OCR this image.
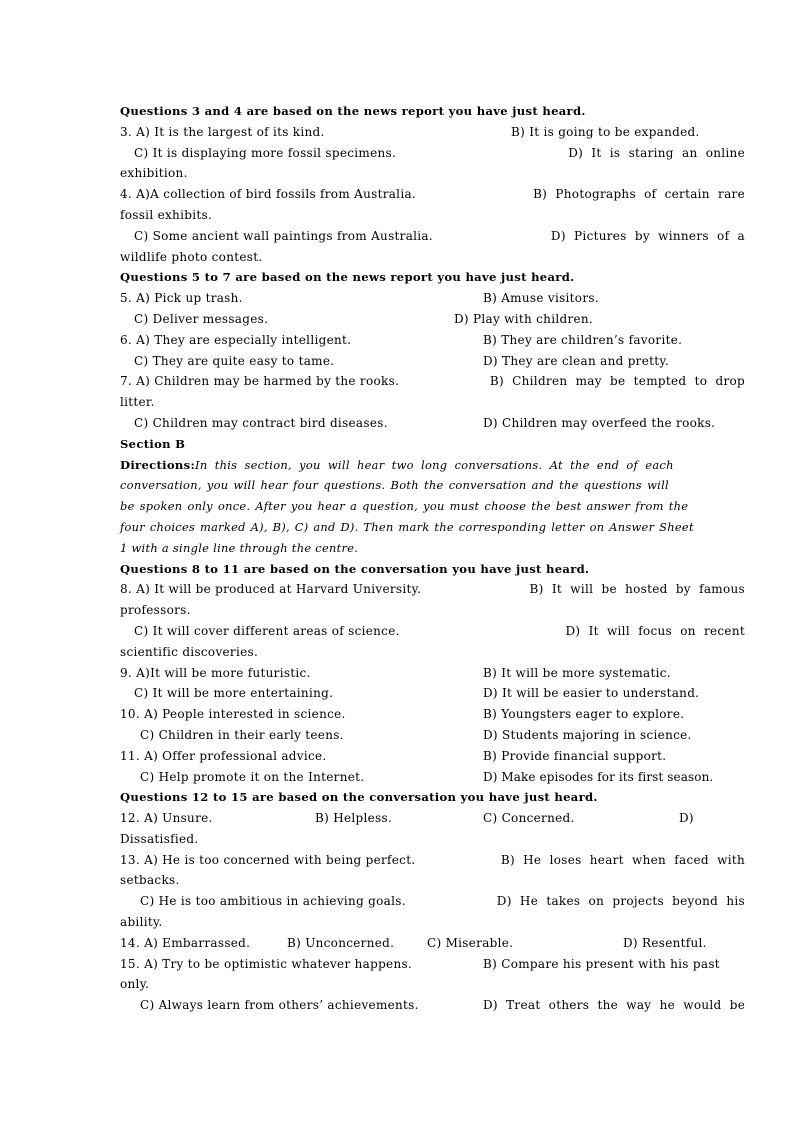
Questions 3 and 4 are based on the news report you have just heard.
3. A) It is the largest of its kind.	B) It is going to be expanded.
C) It is displaying more fossil specimens.	D)  It  is  staring  an  online
exhibition.
4. A)A collection of bird fossils from Australia.	B)  Photographs  of  certain  rare
fossil exhibits.
C) Some ancient wall paintings from Australia.	D)  Pictures  by  winners  of  a
wildlife photo contest.
Questions 5 to 7 are based on the news report you have just heard.
5. A) Pick up trash.	B) Amuse visitors.
C) Deliver messages.	D) Play with children.
6. A) They are especially intelligent.	B) They are children’s favorite.
C) They are quite easy to tame.	D) They are clean and pretty.
7. A) Children may be harmed by the rooks.	B)  Children  may  be  tempted  to  drop
litter.
C) Children may contract bird diseases.	D) Children may overfeed the rooks.
Section B
Directions:In this section, you will hear two long conversations. At the end of each
conversation, you will hear four questions. Both the conversation and the questions will
be spoken only once. After you hear a question, you must choose the best answer from the
four choices marked A), B), C) and D). Then mark the corresponding letter on Answer Sheet
1 with a single line through the centre.
Questions 8 to 11 are based on the conversation you have just heard.
8. A) It will be produced at Harvard University.	B)  It  will  be  hosted  by  famous
professors.
C) It will cover different areas of science.	D)  It  will  focus  on  recent
scientific discoveries.
9. A)It will be more futuristic.	B) It will be more systematic.
C) It will be more entertaining.	D) It will be easier to understand.
10. A) People interested in science.	B) Youngsters eager to explore.
C) Children in their early teens.	D) Students majoring in science.
11. A) Offer professional advice.	B) Provide financial support.
C) Help promote it on the Internet.	D) Make episodes for its first season.
Questions 12 to 15 are based on the conversation you have just heard.
12. A) Unsure.	B) Helpless.	C) Concerned.	D)
Dissatisfied.
13. A) He is too concerned with being perfect.	B)  He  loses  heart  when  faced  with
setbacks.
C) He is too ambitious in achieving goals.	D)  He  takes  on  projects  beyond  his
ability.
14. A) Embarrassed.	B) Unconcerned.	C) Miserable.	D) Resentful.
15. A) Try to be optimistic whatever happens.	B) Compare his present with his past
only.
C) Always learn from others’ achievements.	D)  Treat  others  the  way  he  would  be
